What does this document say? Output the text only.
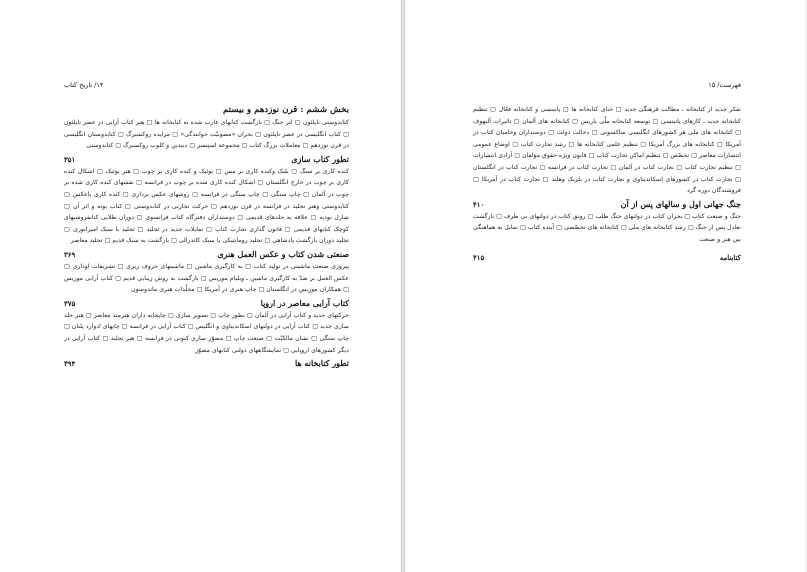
۱۴/ تاریخ کتاب
بخش ششم : قرن نوزدهم و بیستم

کتابدوستی ناپلئون ▢ اثر جنگ ▢ بازگشت کتابهای غارت شده به کتابخانه ها ▢ هنر کتاب آرایی در عصر ناپلئون ▢ کتاب انگلیسی در عصر ناپلئون ▢ بحران «مصونیّت خوانندگی» ▢ مزایده روکسبرگ ▢ کتابدوستان انگلیسی در قرن نوزدهم ▢ معاملات بزرگ کتاب ▢ مجموعه اسپنسر ▢ دیبدین و کلوب روکسبرگ ▢ کتابدوستی

تطور کتاب سازی
۳۵۱

کنده کاری بر سنگ ▢ بلیک وکنده کاری بر مس ▢ بوئیک و کنده کاری بر چوب ▢ هنر بوئیک ▢ اشکال کنده کاری بر چوب در خارج انگلستان ▢ اشکال کنده کاری شده بر چوب در فرانسه ▢ نقشهای کنده کاری شده بر چوب در آلمان ▢ چاپ سنگی ▢ چاپ سنگی در فرانسه ▢ روشهای عکس برداری ▢ کنده کاری باعکس ▢ کتابدوستی وهنر تجلید در فرانسه در قرن نوزدهم ▢ حرکت تجارتی در کتابدوستی ▢ کتاب بونه و اثر آن ▢ شارل نودیه ▢ علاقه به جلدهای قدیمی ▢ دوستداران دفترگاه کتاب فرانسوی ▢ دوران طلایی کتابفروشیهای کوچک کتابهای قدیمی ▢ قانون گذاری تجارت کتاب ▢ تمایلات جدید در تجلید ▢ تجلید با سبک امپراتوری ▢ تجلید دوران بازگشت پادشاهی ▢ تجلید رومانتیکی یا سبک کاتدرالی ▢ بازگشت به سبک قدیم ▢ تجلید معاصر

صنعتی شدن کتاب و عکس العمل هنری
۳۶۹

پیروزی صنعت ماشینی در تولید کتاب ▢ به کارگیری ماشین ▢ ماشینهای حروف ریزی ▢ تشریفات اوداری ▢ عکس العمل بر ضدّ به کارگیری ماشین ـ ویلیام موریس ▢ بازگشت به روش زیبایی قدیم ▢ کتاب آرایی موریس ▢ همکاران موریس در انگلستان ▢ چاپ هنری در آمریکا ▢ مجلّدات هنری ماندوسون

کتاب آرایی معاصر در اروپا
۳۷۵

حرکتهای جدید و کتاب آرایی در آلمان ▢ تطور چاپ ▢ تصویر سازی ▢ چاپخانه داران هنرمند معاصر ▢ هنر جلد سازی جدید ▢ کتاب آرایی در دولتهای اسکاندیناوی و انگلیس ▢ کتاب آرایی در فرانسه ▢ چاپهای ادوارد پلتان ▢ چاپ سنگی ▢ نشان مالکیّت ▢ صنعت چاپ ▢ مصوّر سازی کنونی در فرانسه ▢ هنر تجلید ▢ کتاب آرایی در دیگر کشورهای اروپایی ▢ نمایشگاههای دولتی کتابهای مصوّر

تطور کتابخانه ها
۳۹۴
فهرست/ ۱۵

تفکر جدید از کتابخانه ـ مطالب فرهنگی جدید ▢ خنای کتابخانه ها ▢ پانیتسی و کتابخانه فعّال ▢ تنظیم کتابخانه جدید ـ کارهای پانیتسی ▢ توسعه کتابخانه ملّی پاریس ▢ کتابخانه های آلمان ▢ تاثیرات آلتهوف ▢ کتابخانه های ملی هر کشورهای انگلیسی ساکسونی ▢ دخالت دولت ▢ دوستداران وحامیان کتاب در آمریکا ▢ کتابخانه های بزرگ آمریکا ▢ تنظیم علمی کتابخانه ها ▢ رشد تجارت کتاب ▢ اوضاع عمومی انتشارات معاصر ▢ تخصّص ▢ تنظیم اماکن تجارت کتاب ▢ قانون ویژه حقوق مؤلفان ▢ آزادی انتشارات ▢ تنظیم تجارت کتاب ▢ تجارت کتاب در آلمان ▢ تجارت کتاب در فرانسه ▢ تجارت کتاب در انگلستان ▢ تجارت کتاب در کشورهای اسکاندیناوی و تجارت کتاب در بلژیک وهلند ▢ تجارت کتاب در آمریکا ▢ فروشندگان دوره گرد

جنگ جهانی اول و سالهای پس از آن
۴۱۰

جنگ و صنعت کتاب ▢ بحران کتاب در دولتهای جنگ طلب ▢ رونق کتاب در دولتهای بی طرف ▢ بازگشت تعادل پس از جنگ ▢ رشد کتابخانه های ملی ▢ کتابخانه های تخصّصی ▢ آینده کتاب ▢ تمایل به هماهنگی بین هنر و صنعت

کتابنامه
۴۱۵
